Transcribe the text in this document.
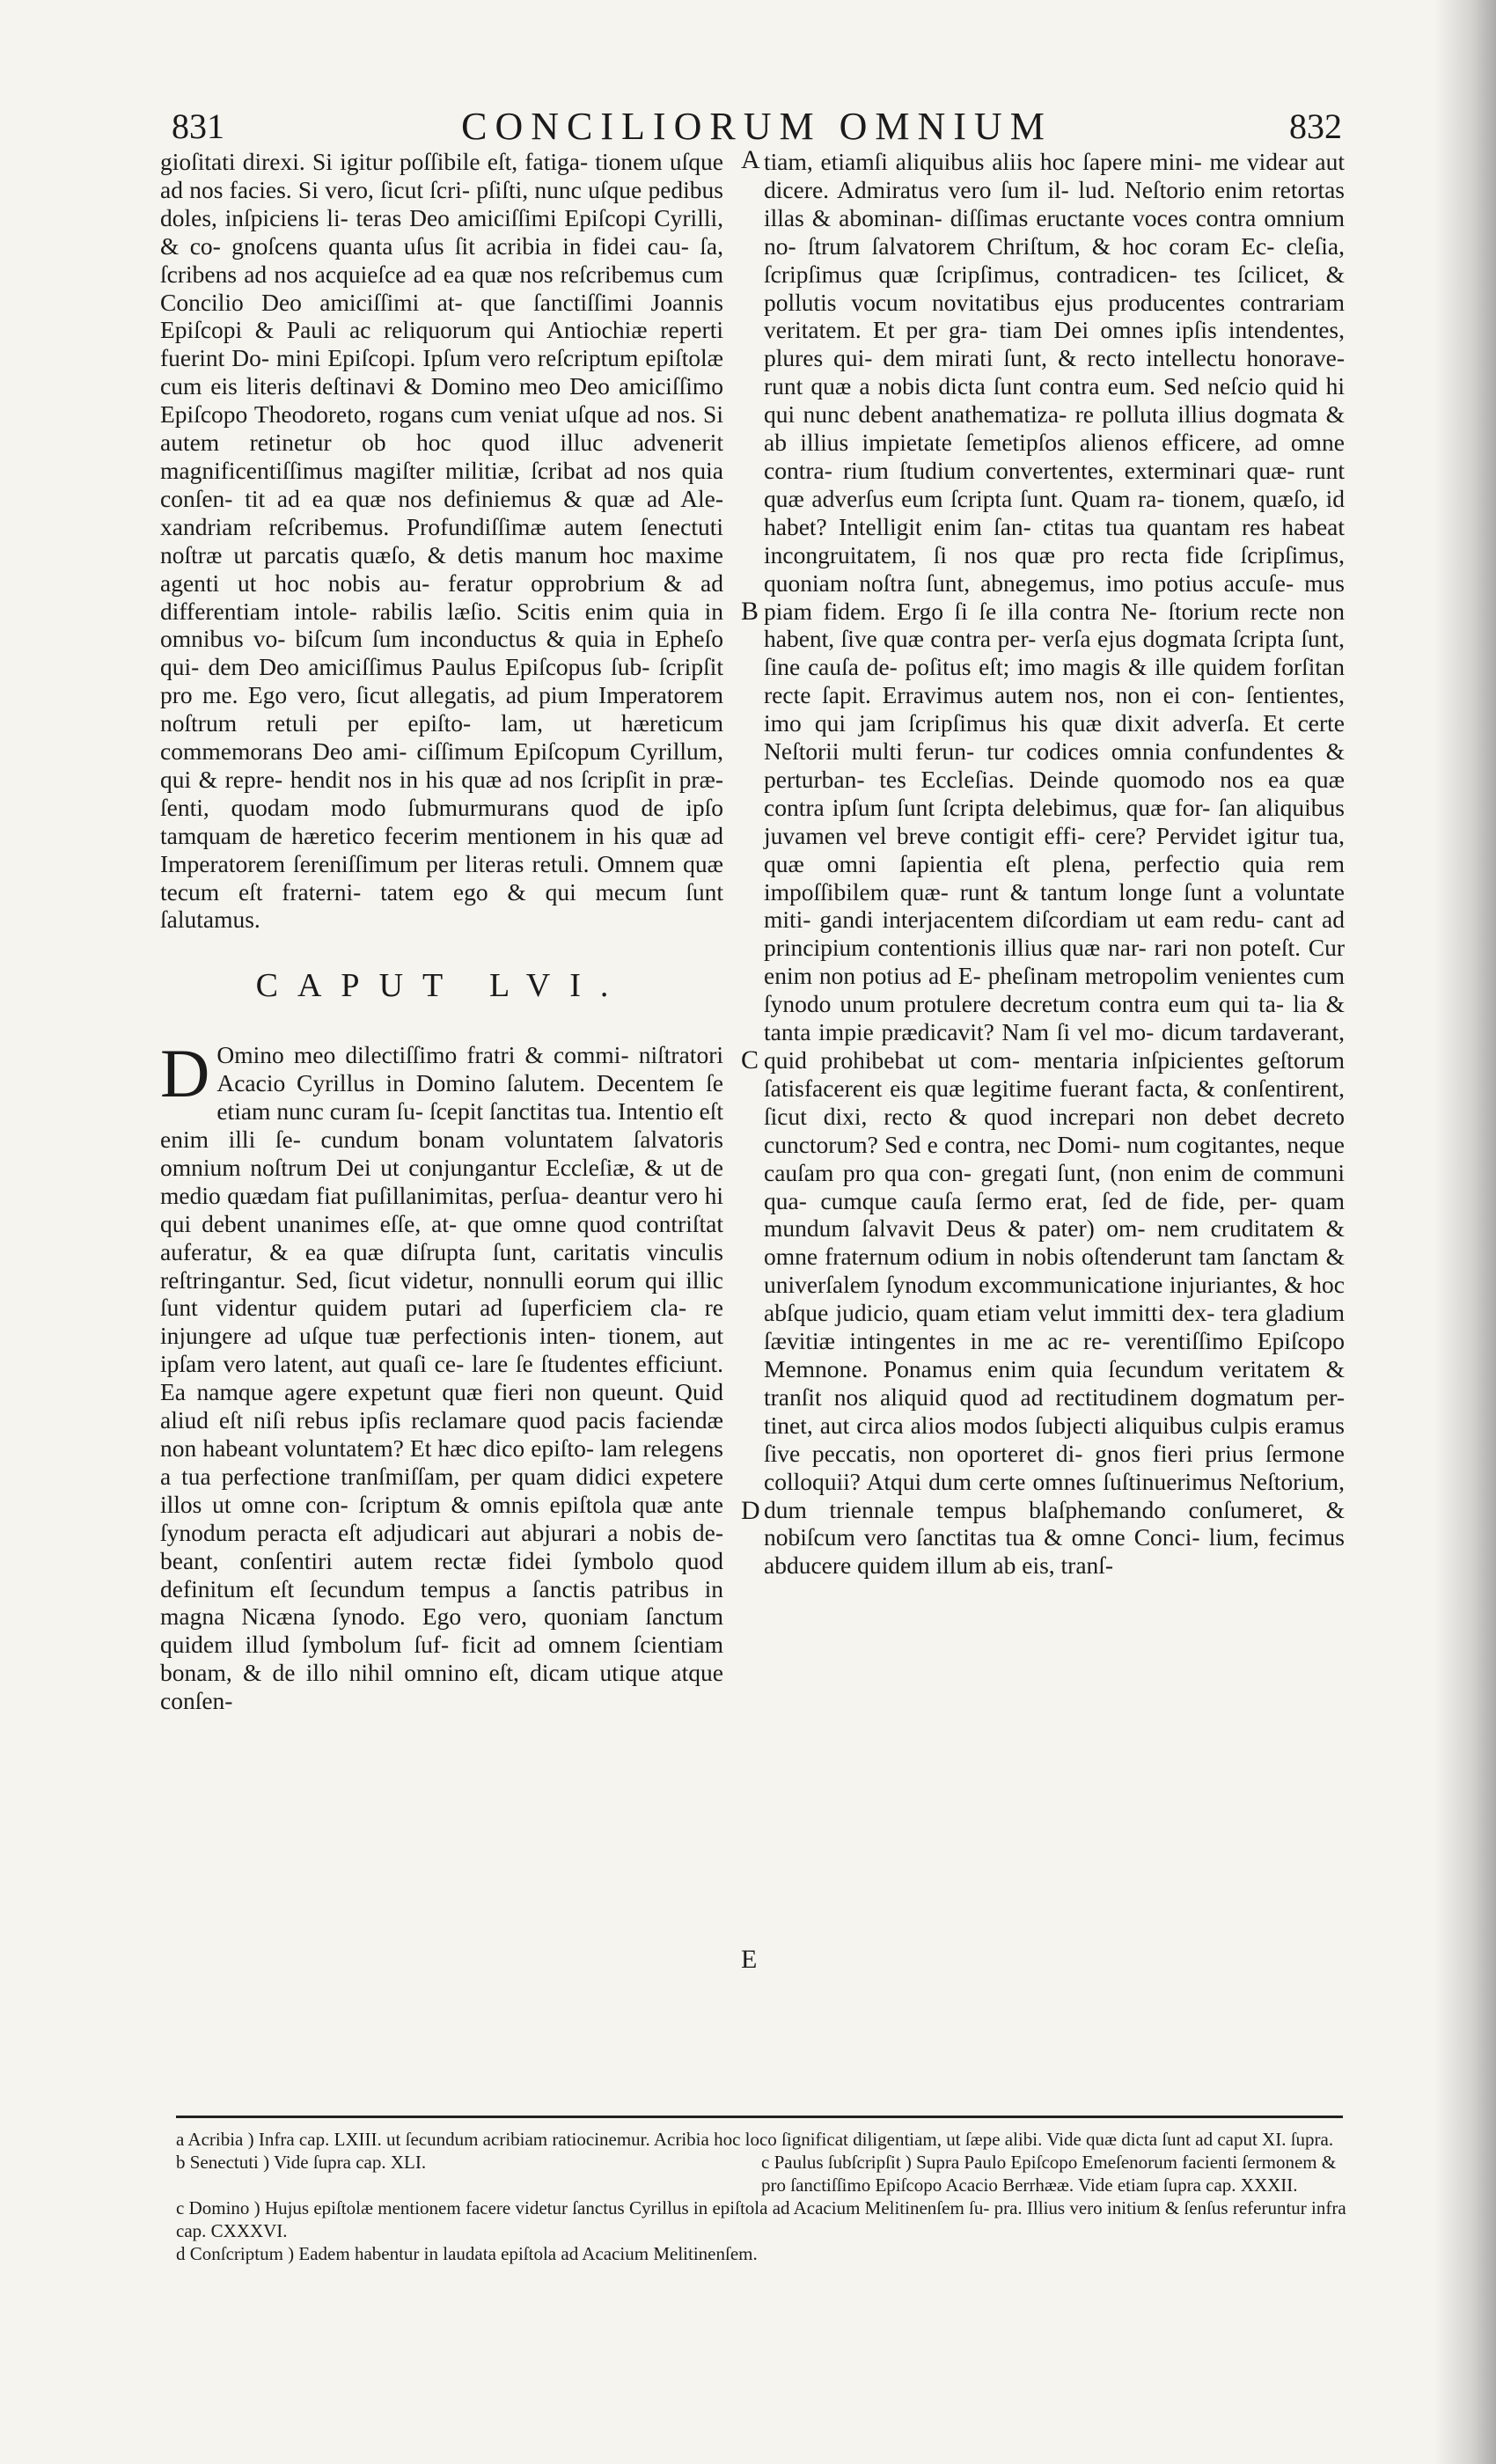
831	CONCILIORUM OMNIUM	832

gioſitati direxi. Si igitur poſſibile eſt, fatiga- tionem uſque ad nos facies. Si vero, ſicut ſcri- pſiſti, nunc uſque pedibus doles, inſpiciens li- teras Deo amiciſſimi Epiſcopi Cyrilli, & co- gnoſcens quanta uſus ſit acribia in fidei cau- ſa, ſcribens ad nos acquieſce ad ea quæ nos reſcribemus cum Concilio Deo amiciſſimi at- que ſanctiſſimi Joannis Epiſcopi & Pauli ac reliquorum qui Antiochiæ reperti fuerint Do- mini Epiſcopi. Ipſum vero reſcriptum epiſtolæ cum eis literis deſtinavi & Domino meo Deo amiciſſimo Epiſcopo Theodoreto, rogans cum veniat uſque ad nos. Si autem retinetur ob hoc quod illuc advenerit magnificentiſſimus magiſter militiæ, ſcribat ad nos quia conſen- tit ad ea quæ nos definiemus & quæ ad Ale- xandriam reſcribemus. Profundiſſimæ autem ſenectuti noſtræ ut parcatis quæſo, & detis manum hoc maxime agenti ut hoc nobis au- feratur opprobrium & ad differentiam intole- rabilis læſio. Scitis enim quia in omnibus vo- biſcum ſum inconductus & quia in Epheſo qui- dem Deo amiciſſimus Paulus Epiſcopus ſub- ſcripſit pro me. Ego vero, ſicut allegatis, ad pium Imperatorem noſtrum retuli per epiſto- lam, ut hæreticum commemorans Deo ami- ciſſimum Epiſcopum Cyrillum, qui & repre- hendit nos in his quæ ad nos ſcripſit in præ- ſenti, quodam modo ſubmurmurans quod de ipſo tamquam de hæretico fecerim mentionem in his quæ ad Imperatorem ſereniſſimum per literas retuli. Omnem quæ tecum eſt fraterni- tatem ego & qui mecum ſunt ſalutamus.

CAPUT LVI.

D Omino meo dilectiſſimo fratri & commi- niſtratori Acacio Cyrillus in Domino ſalutem. Decentem ſe etiam nunc curam ſu- ſcepit ſanctitas tua. Intentio eſt enim illi ſe- cundum bonam voluntatem ſalvatoris omnium noſtrum Dei ut conjungantur Eccleſiæ, & ut de medio quædam fiat puſillanimitas, perſua- deantur vero hi qui debent unanimes eſſe, at- que omne quod contriſtat auferatur, & ea quæ diſrupta ſunt, caritatis vinculis reſtringantur. Sed, ſicut videtur, nonnulli eorum qui illic ſunt videntur quidem putari ad ſuperficiem cla- re injungere ad uſque tuæ perfectionis inten- tionem, aut ipſam vero latent, aut quaſi ce- lare ſe ſtudentes efficiunt. Ea namque agere expetunt quæ fieri non queunt. Quid aliud eſt niſi rebus ipſis reclamare quod pacis faciendæ non habeant voluntatem? Et hæc dico epiſto- lam relegens a tua perfectione tranſmiſſam, per quam didici expetere illos ut omne con- ſcriptum & omnis epiſtola quæ ante ſynodum peracta eſt adjudicari aut abjurari a nobis de- beant, conſentiri autem rectæ fidei ſymbolo quod definitum eſt ſecundum tempus a ſanctis patribus in magna Nicæna ſynodo. Ego vero, quoniam ſanctum quidem illud ſymbolum ſuf- ficit ad omnem ſcientiam bonam, & de illo nihil omnino eſt, dicam utique atque conſen-

tiam, etiamſi aliquibus aliis hoc ſapere mini- me videar aut dicere. Admiratus vero ſum il- lud. Neſtorio enim retortas illas & abominan- diſſimas eructante voces contra omnium no- ſtrum ſalvatorem Chriſtum, & hoc coram Ec- cleſia, ſcripſimus quæ ſcripſimus, contradicen- tes ſcilicet, & pollutis vocum novitatibus ejus producentes contrariam veritatem. Et per gra- tiam Dei omnes ipſis intendentes, plures qui- dem mirati ſunt, & recto intellectu honorave- runt quæ a nobis dicta ſunt contra eum. Sed neſcio quid hi qui nunc debent anathematiza- re polluta illius dogmata & ab illius impietate ſemetipſos alienos efficere, ad omne contra- rium ſtudium convertentes, exterminari quæ- runt quæ adverſus eum ſcripta ſunt. Quam ra- tionem, quæſo, id habet? Intelligit enim ſan- ctitas tua quantam res habeat incongruitatem, ſi nos quæ pro recta fide ſcripſimus, quoniam noſtra ſunt, abnegemus, imo potius accuſe- mus piam fidem. Ergo ſi ſe illa contra Ne- ſtorium recte non habent, ſive quæ contra per- verſa ejus dogmata ſcripta ſunt, ſine cauſa de- poſitus eſt; imo magis & ille quidem forſitan recte ſapit. Erravimus autem nos, non ei con- ſentientes, imo qui jam ſcripſimus his quæ dixit adverſa. Et certe Neſtorii multi ferun- tur codices omnia confundentes & perturban- tes Eccleſias. Deinde quomodo nos ea quæ contra ipſum ſunt ſcripta delebimus, quæ for- ſan aliquibus juvamen vel breve contigit effi- cere? Pervidet igitur tua, quæ omni ſapientia eſt plena, perfectio quia rem impoſſibilem quæ- runt & tantum longe ſunt a voluntate miti- gandi interjacentem diſcordiam ut eam redu- cant ad principium contentionis illius quæ nar- rari non poteſt. Cur enim non potius ad E- pheſinam metropolim venientes cum ſynodo unum protulere decretum contra eum qui ta- lia & tanta impie prædicavit? Nam ſi vel mo- dicum tardaverant, quid prohibebat ut com- mentaria inſpicientes geſtorum ſatisfacerent eis quæ legitime fuerant facta, & conſentirent, ſicut dixi, recto & quod increpari non debet decreto cunctorum? Sed e contra, nec Domi- num cogitantes, neque cauſam pro qua con- gregati ſunt, (non enim de communi qua- cumque cauſa ſermo erat, ſed de fide, per- quam mundum ſalvavit Deus & pater) om- nem cruditatem & omne fraternum odium in nobis oſtenderunt tam ſanctam & univerſalem ſynodum excommunicatione injuriantes, & hoc abſque judicio, quam etiam velut immitti dex- tera gladium ſævitiæ intingentes in me ac re- verentiſſimo Epiſcopo Memnone. Ponamus enim quia ſecundum veritatem & tranſit nos aliquid quod ad rectitudinem dogmatum per- tinet, aut circa alios modos ſubjecti aliquibus culpis eramus ſive peccatis, non oporteret di- gnos fieri prius ſermone colloquii? Atqui dum certe omnes ſuſtinuerimus Neſtorium, dum triennale tempus blaſphemando conſumeret, & nobiſcum vero ſanctitas tua & omne Conci- lium, fecimus abducere quidem illum ab eis, tranſ-

A
B
C
D
E
a Acribia ) Infra cap. LXIII. ut ſecundum acribiam ratiocinemur. Acribia hoc loco ſignificat diligentiam, ut ſæpe alibi. Vide quæ dicta ſunt ad caput XI. ſupra.
b Senectuti ) Vide ſupra cap. XLI.	c Paulus ſubſcripſit ) Supra Paulo Epiſcopo Emeſenorum facienti ſermonem & pro ſanctiſſimo Epiſcopo Acacio Berrhææ. Vide etiam ſupra cap. XXXII.
c Domino ) Hujus epiſtolæ mentionem facere videtur ſanctus Cyrillus in epiſtola ad Acacium Melitinenſem ſu- pra. Illius vero initium & ſenſus referuntur infra cap. CXXXVI.
d Conſcriptum ) Eadem habentur in laudata epiſtola ad Acacium Melitinenſem.
